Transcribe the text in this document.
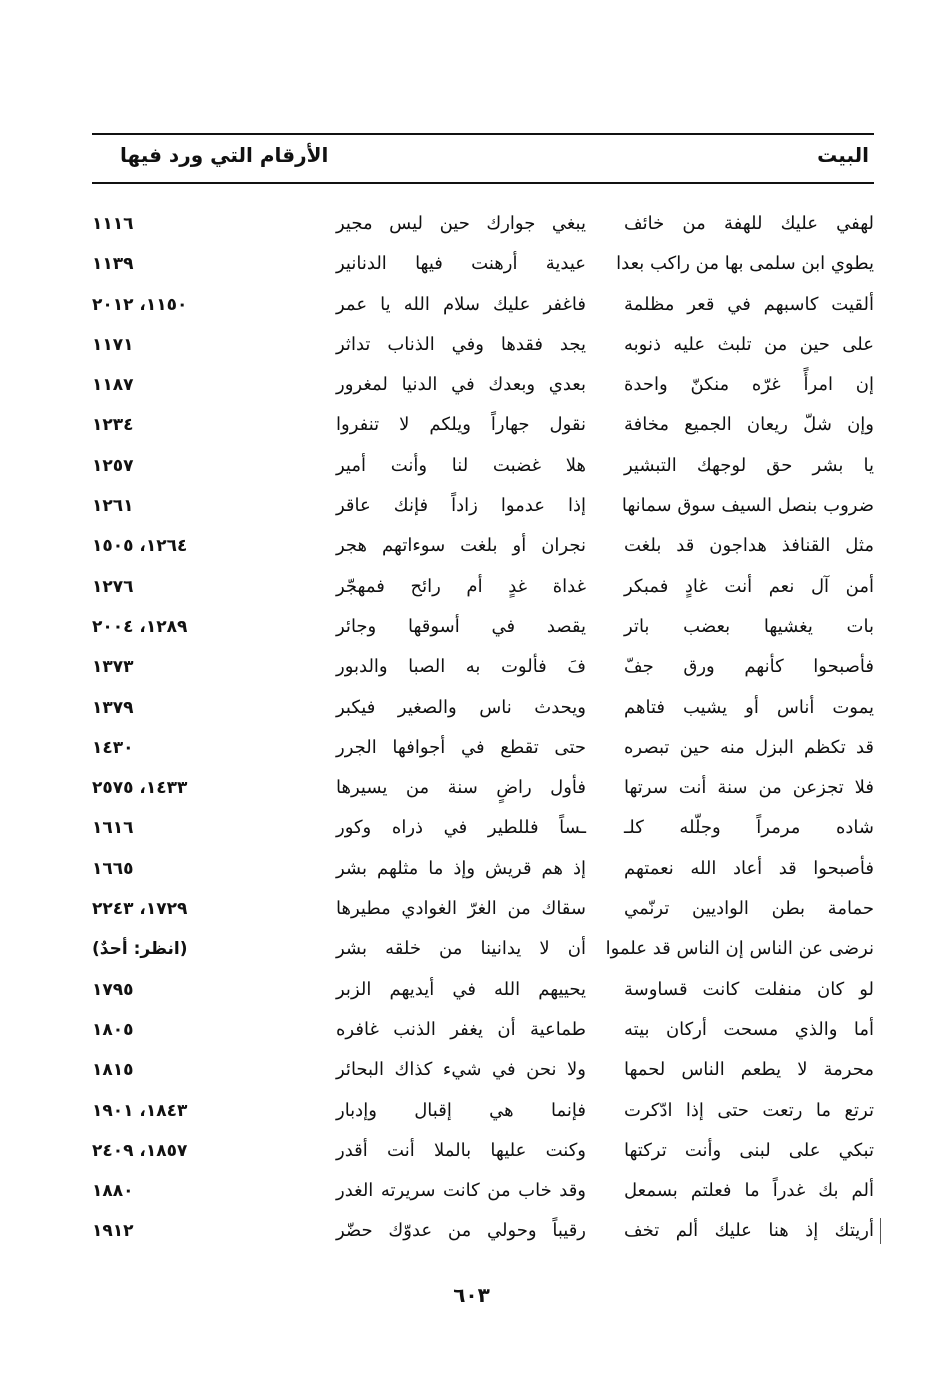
البيت
الأرقام التي ورد فيها
لهفي عليك للهفة من خائف
يبغي جوارك حين ليس مجير
١١١٦
يطوي ابن سلمى بها من راكب بعدا
عيدية أرهنت فيها الدنانير
١١٣٩
ألقيت كاسبهم في قعر مظلمة
فاغفر عليك سلام الله يا عمر
١١٥٠، ٢٠١٢
على حين من تلبث عليه ذنوبه
يجد فقدها وفي الذناب تداثر
١١٧١
إن امرأً غرّه منكنّ واحدة
بعدي وبعدك في الدنيا لمغرور
١١٨٧
وإن شلّ ريعان الجميع مخافة
نقول جهاراً ويلكم لا تنفروا
١٢٣٤
يا بشر حق لوجهك التبشير
هلا غضبت لنا وأنت أمير
١٢٥٧
ضروب بنصل السيف سوق سمانها
إذا عدموا زاداً فإنك عاقر
١٢٦١
مثل القنافذ هداجون قد بلغت
نجران أو بلغت سوءاتهم هجر
١٢٦٤، ١٥٠٥
أمن آل نعم أنت غادٍ فمبكر
غداة غدٍ أم رائح فمهجّر
١٢٧٦
بات يغشيها بعضب باتر
يقصد في أسوقها وجائر
١٢٨٩، ٢٠٠٤
فأصبحوا كأنهم ورق جفّ
فَ فألوت به الصبا والدبور
١٣٧٣
يموت أناس أو يشيب فتاهم
ويحدث ناس والصغير فيكبر
١٣٧٩
قد تكظم البزل منه حين تبصره
حتى تقطع في أجوافها الجرر
١٤٣٠
فلا تجزعن من سنة أنت سرتها
فأول راضٍ سنة من يسيرها
١٤٣٣، ٢٥٧٥
شاده مرمراً وجلّله كلـ
ـساً فللطير في ذراه وكور
١٦١٦
فأصبحوا قد أعاد الله نعمتهم
إذ هم قريش وإذ ما مثلهم بشر
١٦٦٥
حمامة بطن الواديين ترنّمي
سقاك من الغرّ الغوادي مطيرها
١٧٢٩، ٢٢٤٣
نرضى عن الناس إن الناس قد علموا
أن لا يدانينا من خلقه بشر
(انظر: أحدٌ)
لو كان منفلت كانت قساوسة
يحييهم الله في أيديهم الزبر
١٧٩٥
أما والذي مسحت أركان بيته
طماعية أن يغفر الذنب غافره
١٨٠٥
محرمة لا يطعم الناس لحمها
ولا نحن في شيء كذاك البحائر
١٨١٥
ترتع ما رتعت حتى إذا ادّكرت
فإنما هي إقبال وإدبار
١٨٤٣، ١٩٠١
تبكي على لبنى وأنت تركتها
وكنت عليها بالملا أنت أقدر
١٨٥٧، ٢٤٠٩
ألم بك غدراً ما فعلتم بسمعل
وقد خاب من كانت سريرته الغدر
١٨٨٠
أريتك إذ هنا عليك ألم تخف
رقيباً وحولي من عدوّك حضّر
١٩١٢
٦٠٣
